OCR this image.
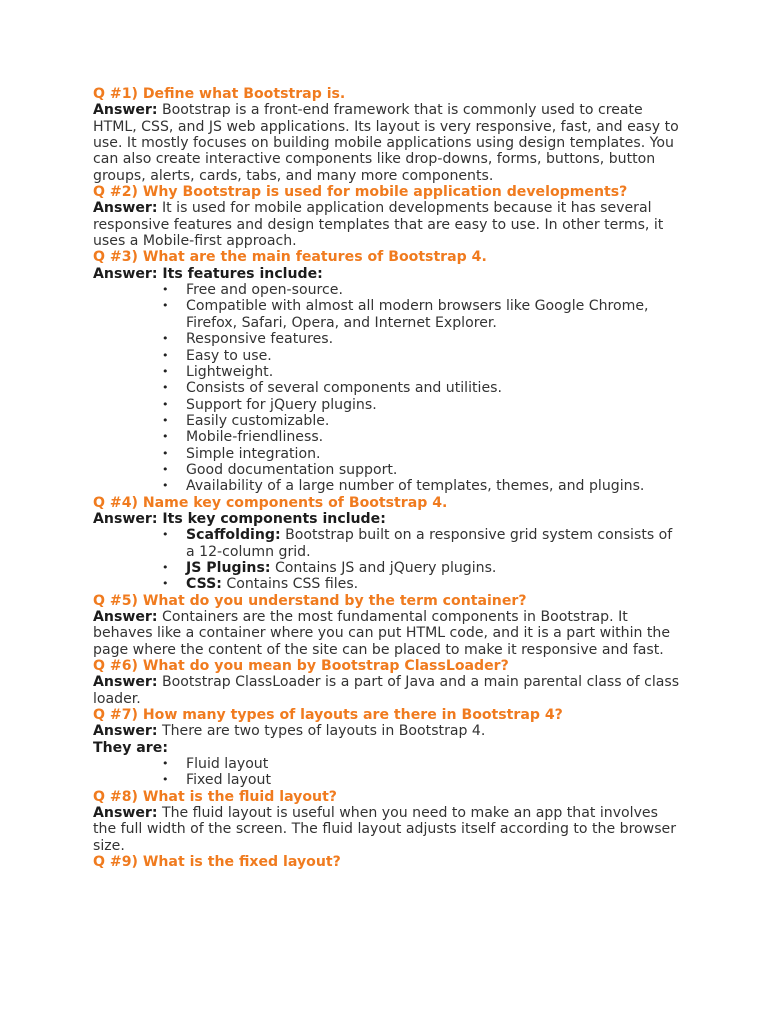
Q #1) Define what Bootstrap is.

Answer: Bootstrap is a front-end framework that is commonly used to create HTML, CSS, and JS web applications. Its layout is very responsive, fast, and easy to use. It mostly focuses on building mobile applications using design templates. You can also create interactive components like drop-downs, forms, buttons, button groups, alerts, cards, tabs, and many more components.

Q #2) Why Bootstrap is used for mobile application developments?

Answer: It is used for mobile application developments because it has several responsive features and design templates that are easy to use. In other terms, it uses a Mobile-first approach.

Q #3) What are the main features of Bootstrap 4.

Answer: Its features include:

• Free and open-source.
• Compatible with almost all modern browsers like Google Chrome, Firefox, Safari, Opera, and Internet Explorer.
• Responsive features.
• Easy to use.
• Lightweight.
• Consists of several components and utilities.
• Support for jQuery plugins.
• Easily customizable.
• Mobile-friendliness.
• Simple integration.
• Good documentation support.
• Availability of a large number of templates, themes, and plugins.
Q #4) Name key components of Bootstrap 4.

Answer: Its key components include:

• Scaffolding: Bootstrap built on a responsive grid system consists of a 12-column grid.
• JS Plugins: Contains JS and jQuery plugins.
• CSS: Contains CSS files.
Q #5) What do you understand by the term container?

Answer: Containers are the most fundamental components in Bootstrap. It behaves like a container where you can put HTML code, and it is a part within the page where the content of the site can be placed to make it responsive and fast.

Q #6) What do you mean by Bootstrap ClassLoader?

Answer: Bootstrap ClassLoader is a part of Java and a main parental class of class loader.

Q #7) How many types of layouts are there in Bootstrap 4?

Answer: There are two types of layouts in Bootstrap 4.

They are:

• Fluid layout
• Fixed layout
Q #8) What is the fluid layout?

Answer: The fluid layout is useful when you need to make an app that involves the full width of the screen. The fluid layout adjusts itself according to the browser size.

Q #9) What is the fixed layout?
